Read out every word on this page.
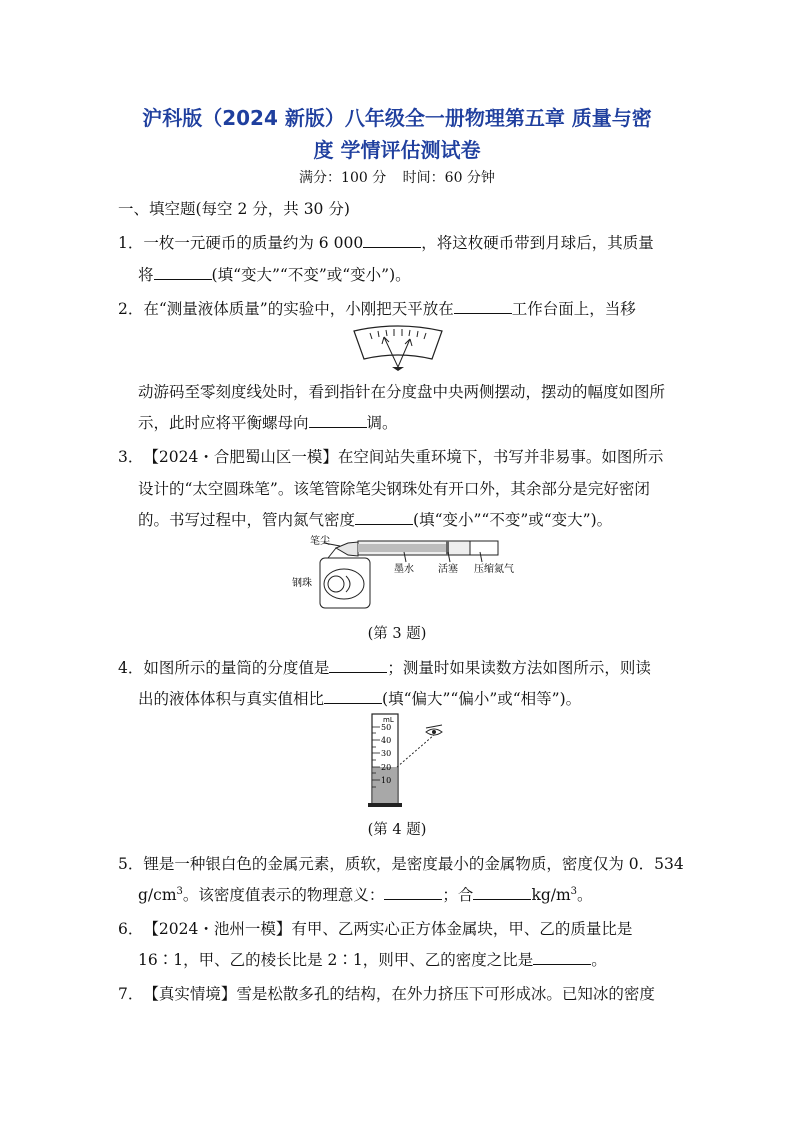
沪科版（2024 新版）八年级全一册物理第五章 质量与密
度 学情评估测试卷
满分：100 分 时间：60 分钟
一、填空题(每空 2 分，共 30 分)
1．一枚一元硬币的质量约为 6 000	，将这枚硬币带到月球后，其质量
将	(填“变大”“不变”或“变小”)。
2．在“测量液体质量”的实验中，小刚把天平放在	工作台面上，当移
动游码至零刻度线处时，看到指针在分度盘中央两侧摆动，摆动的幅度如图所
示，此时应将平衡螺母向	调。
3．【2024・合肥蜀山区一模】在空间站失重环境下，书写并非易事。如图所示
设计的“太空圆珠笔”。该笔管除笔尖钢珠处有开口外，其余部分是完好密闭
的。书写过程中，管内氮气密度	(填“变小”“不变”或“变大”)。
笔尖
墨水 活塞 压缩氮气
钢珠
(第 3 题)
4．如图所示的量筒的分度值是	；测量时如果读数方法如图所示，则读
出的液体体积与真实值相比	(填“偏大”“偏小”或“相等”)。
mL
50
40
30
20
10
(第 4 题)
5．锂是一种银白色的金属元素，质软，是密度最小的金属物质，密度仅为 0．534
$g/cm^3$。该密度值表示的物理意义：	；合	$kg/m^3$。
6．【2024・池州一模】有甲、乙两实心正方体金属块，甲、乙的质量比是
16∶1，甲、乙的棱长比是 2∶1，则甲、乙的密度之比是	。
7．【真实情境】雪是松散多孔的结构，在外力挤压下可形成冰。已知冰的密度
